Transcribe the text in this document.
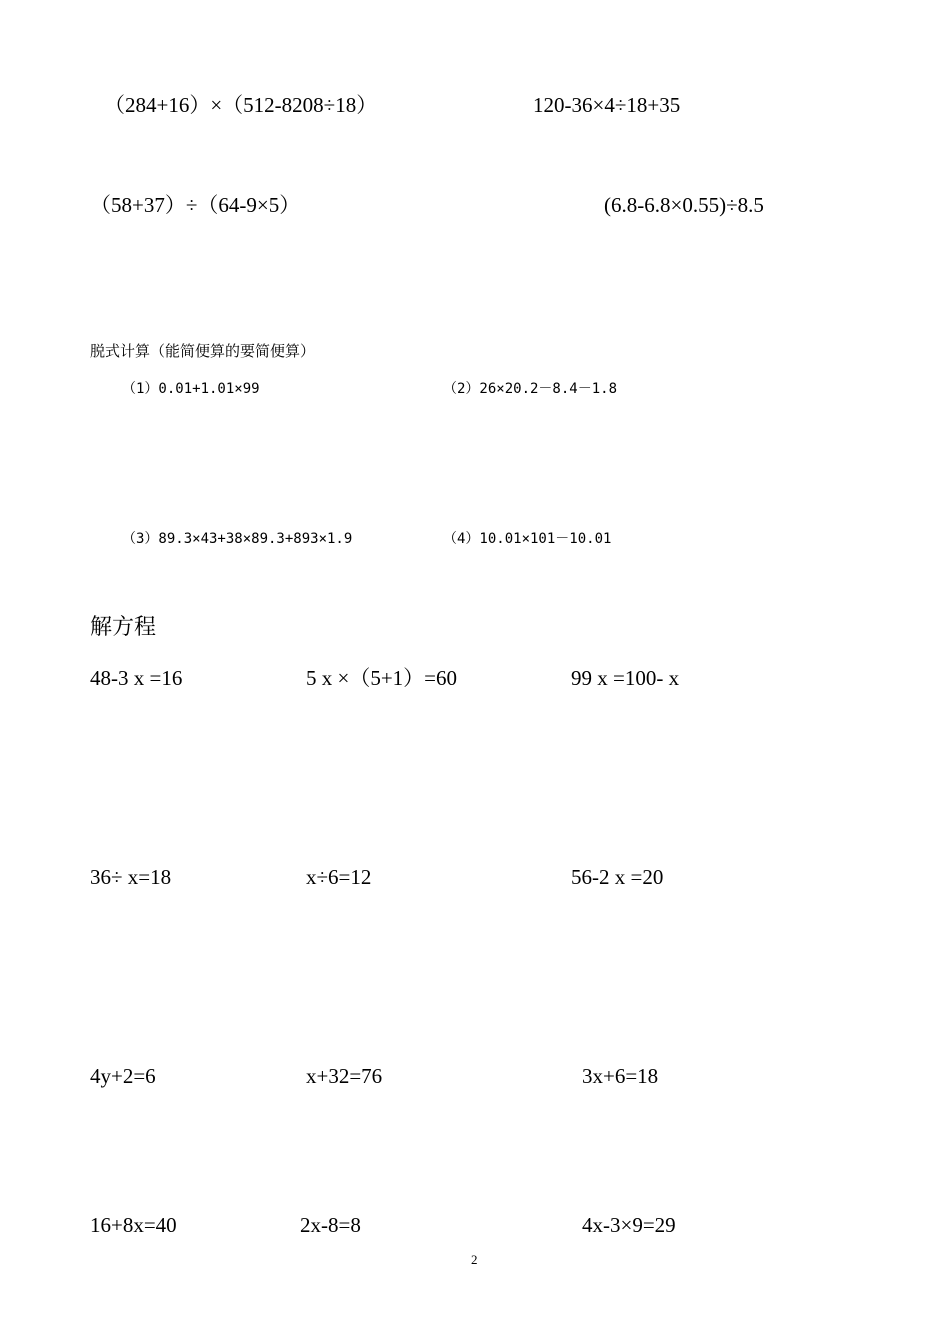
（284+16）×（512-8208÷18）	120-36×4÷18+35
（58+37）÷（64-9×5）	(6.8-6.8×0.55)÷8.5
脱式计算（能简便算的要简便算）
（1）0.01+1.01×99	（2）26×20.2－8.4－1.8
（3）89.3×43+38×89.3+893×1.9	（4）10.01×101－10.01
解方程
48-3 x =16	5 x ×（5+1）=60	99 x =100- x
36÷ x=18	x÷6=12	56-2 x =20
4y+2=6	x+32=76	3x+6=18
16+8x=40	2x-8=8	4x-3×9=29
2
